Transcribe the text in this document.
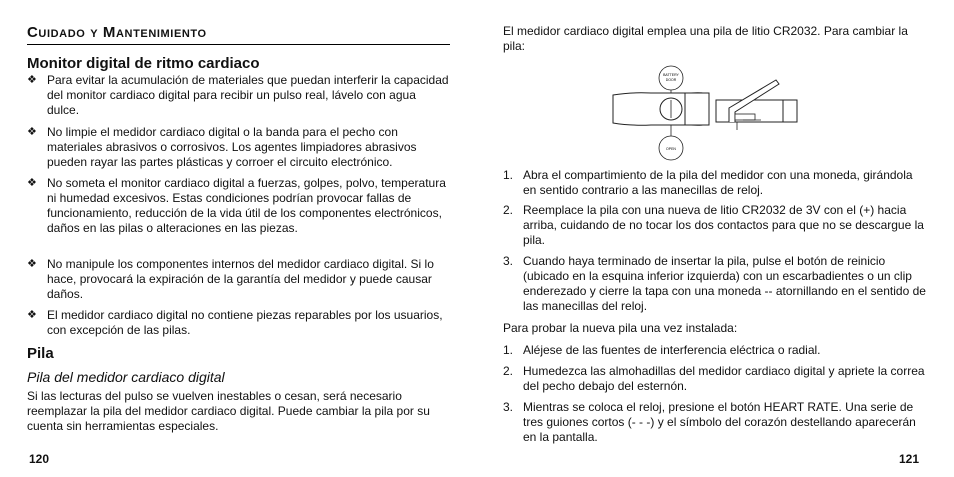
Cuidado y Mantenimiento
Monitor digital de ritmo cardiaco
❖ Para evitar la acumulación de materiales que puedan interferir la capacidad del monitor cardiaco digital para recibir un pulso real, lávelo con agua dulce.
❖ No limpie el medidor cardiaco digital o la banda para el pecho con materiales abrasivos o corrosivos. Los agentes limpiadores abrasivos pueden rayar las partes plásticas y corroer el circuito electrónico.
❖ No someta el monitor cardiaco digital a fuerzas, golpes, polvo, temperatura ni humedad excesivos. Estas condiciones podrían provocar fallas de funcionamiento, reducción de la vida útil de los componentes electrónicos, daños en las pilas o alteraciones en las piezas.
❖ No manipule los componentes internos del medidor cardiaco digital. Si lo hace, provocará la expiración de la garantía del medidor y puede causar daños.
❖ El medidor cardiaco digital no contiene piezas reparables por los usuarios, con excepción de las pilas.
Pila
Pila del medidor cardiaco digital
Si las lecturas del pulso se vuelven inestables o cesan, será necesario reemplazar la pila del medidor cardiaco digital. Puede cambiar la pila por su cuenta sin herramientas especiales.
120
El medidor cardiaco digital emplea una pila de litio CR2032. Para cambiar la pila:
BATTERY
DOOR
OPEN
1. Abra el compartimiento de la pila del medidor con una moneda, girándola en sentido contrario a las manecillas de reloj.
2. Reemplace la pila con una nueva de litio CR2032 de 3V con el (+) hacia arriba, cuidando de no tocar los dos contactos para que no se descargue la pila.
3. Cuando haya terminado de insertar la pila, pulse el botón de reinicio (ubicado en la esquina inferior izquierda) con un escarbadientes o un clip enderezado y cierre la tapa con una moneda -- atornillando en el sentido de las manecillas del reloj.
Para probar la nueva pila una vez instalada:
1. Aléjese de las fuentes de interferencia eléctrica o radial.
2. Humedezca las almohadillas del medidor cardiaco digital y apriete la correa del pecho debajo del esternón.
3. Mientras se coloca el reloj, presione el botón HEART RATE. Una serie de tres guiones cortos (- - -) y el símbolo del corazón destellando aparecerán en la pantalla.
121
